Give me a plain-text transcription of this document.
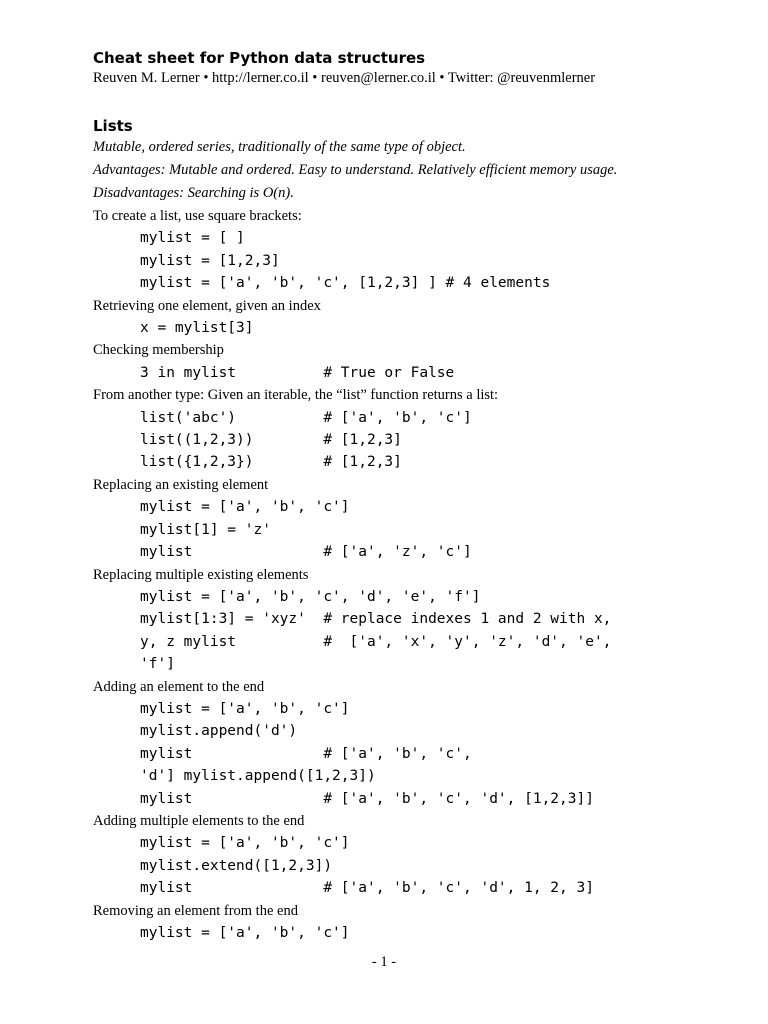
Cheat sheet for Python data structures

Reuven M. Lerner • http://lerner.co.il • reuven@lerner.co.il • Twitter: @reuvenmlerner

Lists

Mutable, ordered series, traditionally of the same type of object.

Advantages: Mutable and ordered. Easy to understand. Relatively efficient memory usage.

Disadvantages: Searching is O(n).

To create a list, use square brackets:

mylist = [ ]

mylist = [1,2,3]

mylist = ['a', 'b', 'c', [1,2,3] ] # 4 elements

Retrieving one element, given an index

x = mylist[3]

Checking membership

3 in mylist          # True or False

From another type: Given an iterable, the “list” function returns a list:

list('abc')          # ['a', 'b', 'c']

list((1,2,3))        # [1,2,3]

list({1,2,3})        # [1,2,3]

Replacing an existing element

mylist = ['a', 'b', 'c']

mylist[1] = 'z'

mylist               # ['a', 'z', 'c']

Replacing multiple existing elements

mylist = ['a', 'b', 'c', 'd', 'e', 'f']

mylist[1:3] = 'xyz'  # replace indexes 1 and 2 with x,

y, z mylist          #  ['a', 'x', 'y', 'z', 'd', 'e',

'f']

Adding an element to the end

mylist = ['a', 'b', 'c']

mylist.append('d')

mylist               # ['a', 'b', 'c',

'd'] mylist.append([1,2,3])

mylist               # ['a', 'b', 'c', 'd', [1,2,3]]

Adding multiple elements to the end

mylist = ['a', 'b', 'c']

mylist.extend([1,2,3])

mylist               # ['a', 'b', 'c', 'd', 1, 2, 3]

Removing an element from the end

mylist = ['a', 'b', 'c']

- 1 -
